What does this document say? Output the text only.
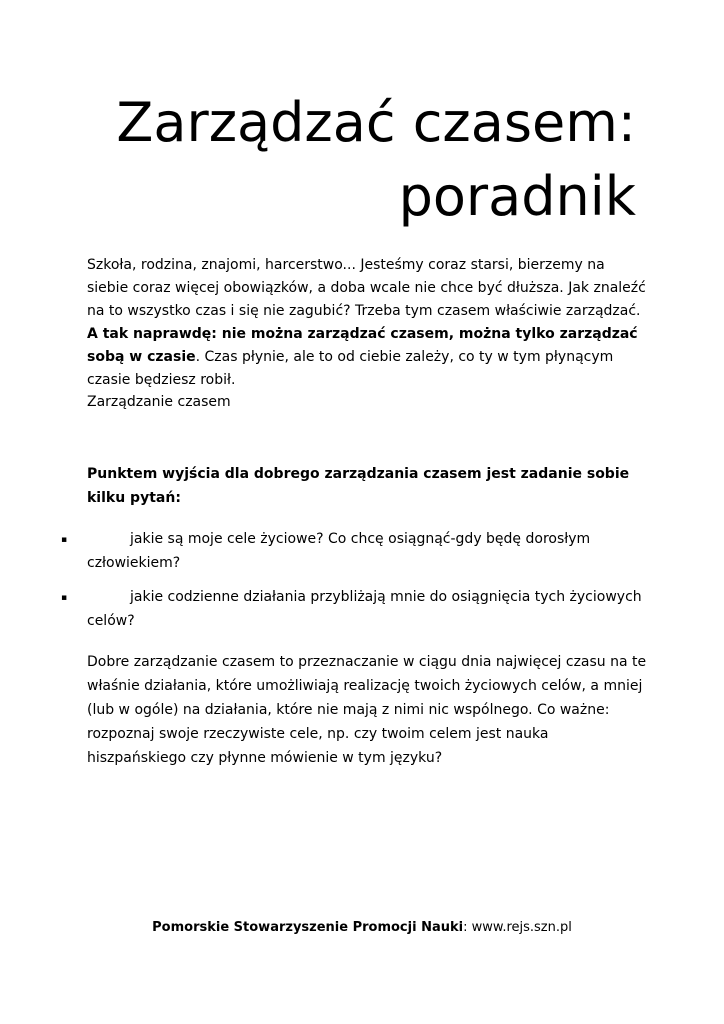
Zarządzać czasem:
poradnik

Szkoła, rodzina, znajomi, harcerstwo... Jesteśmy coraz starsi, bierzemy na siebie coraz więcej obowiązków, a doba wcale nie chce być dłuższa. Jak znaleźć na to wszystko czas i się nie zagubić? Trzeba tym czasem właściwie zarządzać. A tak naprawdę: nie można zarządzać czasem, można tylko zarządzać sobą w czasie. Czas płynie, ale to od ciebie zależy, co ty w tym płynącym czasie będziesz robił.

Zarządzanie czasem

Punktem wyjścia dla dobrego zarządzania czasem jest zadanie sobie kilku pytań:

▪	jakie są moje cele życiowe? Co chcę osiągnąć-gdy będę dorosłym człowiekiem?

▪	jakie codzienne działania przybliżają mnie do osiągnięcia tych życiowych celów?

Dobre zarządzanie czasem to przeznaczanie w ciągu dnia najwięcej czasu na te właśnie działania, które umożliwiają realizację twoich życiowych celów, a mniej (lub w ogóle) na działania, które nie mają z nimi nic wspólnego. Co ważne: rozpoznaj swoje rzeczywiste cele, np. czy twoim celem jest nauka hiszpańskiego czy płynne mówienie w tym języku?

Pomorskie Stowarzyszenie Promocji Nauki: www.rejs.szn.pl
